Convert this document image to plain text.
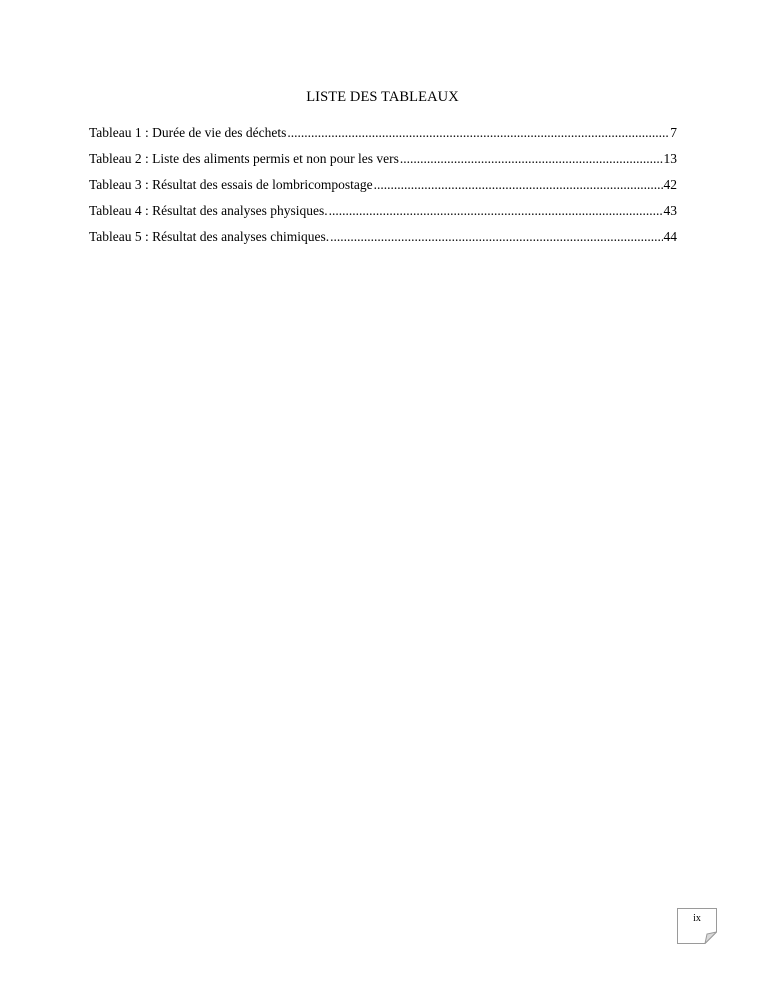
LISTE DES TABLEAUX
Tableau 1 : Durée de vie des déchets .....	7
Tableau 2 : Liste des aliments permis et non pour les vers .....	13
Tableau 3 : Résultat des essais de lombricompostage .....	42
Tableau 4 : Résultat des analyses physiques. .....	43
Tableau 5 : Résultat des analyses chimiques. .....	44
ix
